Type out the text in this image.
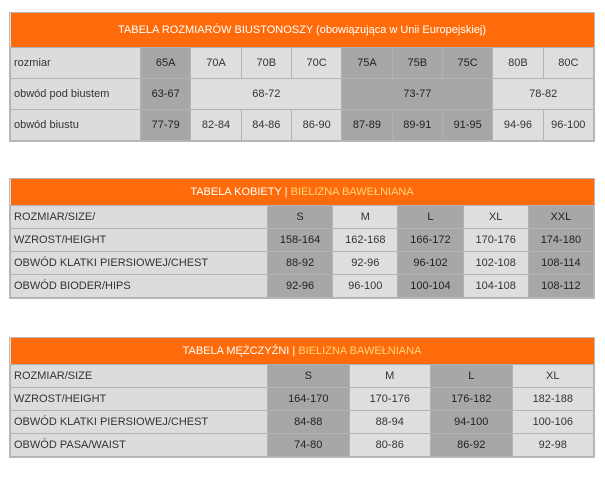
TABELA ROZMIARÓW BIUSTONOSZY (obowiązująca w Unii Europejskiej)									
rozmiar	65A	70A	70B	70C	75A	75B	75C	80B	80C
obwód pod biustem	63-67	68-72			73-77			78-82	
obwód biustu	77-79	82-84	84-86	86-90	87-89	89-91	91-95	94-96	96-100
TABELA KOBIETY | BIELIZNA BAWEŁNIANA					
ROZMIAR/SIZE/	S	M	L	XL	XXL
WZROST/HEIGHT	158-164	162-168	166-172	170-176	174-180
OBWÓD KLATKI PIERSIOWEJ/CHEST	88-92	92-96	96-102	102-108	108-114
OBWÓD BIODER/HIPS	92-96	96-100	100-104	104-108	108-112
TABELA MĘŻCZYŹNI | BIELIZNA BAWEŁNIANA				
ROZMIAR/SIZE	S	M	L	XL
WZROST/HEIGHT	164-170	170-176	176-182	182-188
OBWÓD KLATKI PIERSIOWEJ/CHEST	84-88	88-94	94-100	100-106
OBWÓD PASA/WAIST	74-80	80-86	86-92	92-98
